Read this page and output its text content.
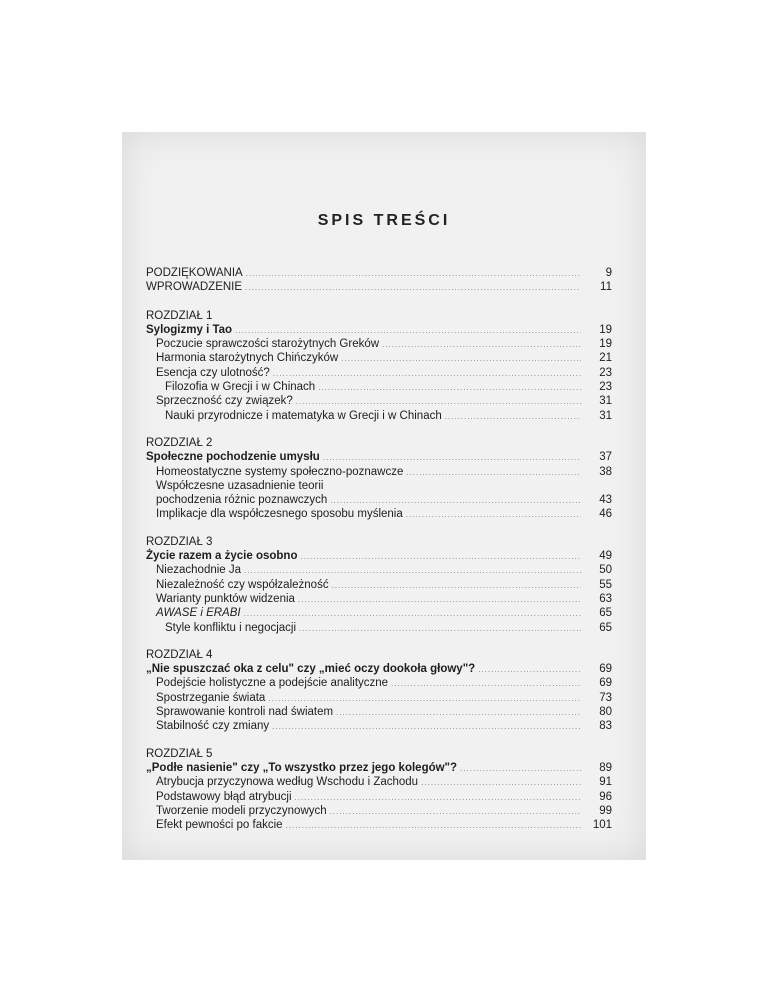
SPIS TREŚCI
PODZIĘKOWANIA .....	9
WPROWADZENIE .....	11
ROZDZIAŁ 1
Sylogizmy i Tao .....	19
Poczucie sprawczości starożytnych Greków .....	19
Harmonia starożytnych Chińczyków .....	21
Esencja czy ulotność? .....	23
Filozofia w Grecji i w Chinach .....	23
Sprzeczność czy związek? .....	31
Nauki przyrodnicze i matematyka w Grecji i w Chinach .....	31
ROZDZIAŁ 2
Społeczne pochodzenie umysłu .....	37
Homeostatyczne systemy społeczno-poznawcze .....	38
Współczesne uzasadnienie teorii
pochodzenia różnic poznawczych .....	43
Implikacje dla współczesnego sposobu myślenia .....	46
ROZDZIAŁ 3
Życie razem a życie osobno .....	49
Niezachodnie Ja .....	50
Niezależność czy współzależność .....	55
Warianty punktów widzenia .....	63
AWASE i ERABI .....	65
Style konfliktu i negocjacji .....	65
ROZDZIAŁ 4
„Nie spuszczać oka z celu" czy „mieć oczy dookoła głowy"? .....	69
Podejście holistyczne a podejście analityczne .....	69
Spostrzeganie świata .....	73
Sprawowanie kontroli nad światem .....	80
Stabilność czy zmiany .....	83
ROZDZIAŁ 5
„Podłe nasienie" czy „To wszystko przez jego kolegów"? .....	89
Atrybucja przyczynowa według Wschodu i Zachodu .....	91
Podstawowy błąd atrybucji .....	96
Tworzenie modeli przyczynowych .....	99
Efekt pewności po fakcie .....	101
